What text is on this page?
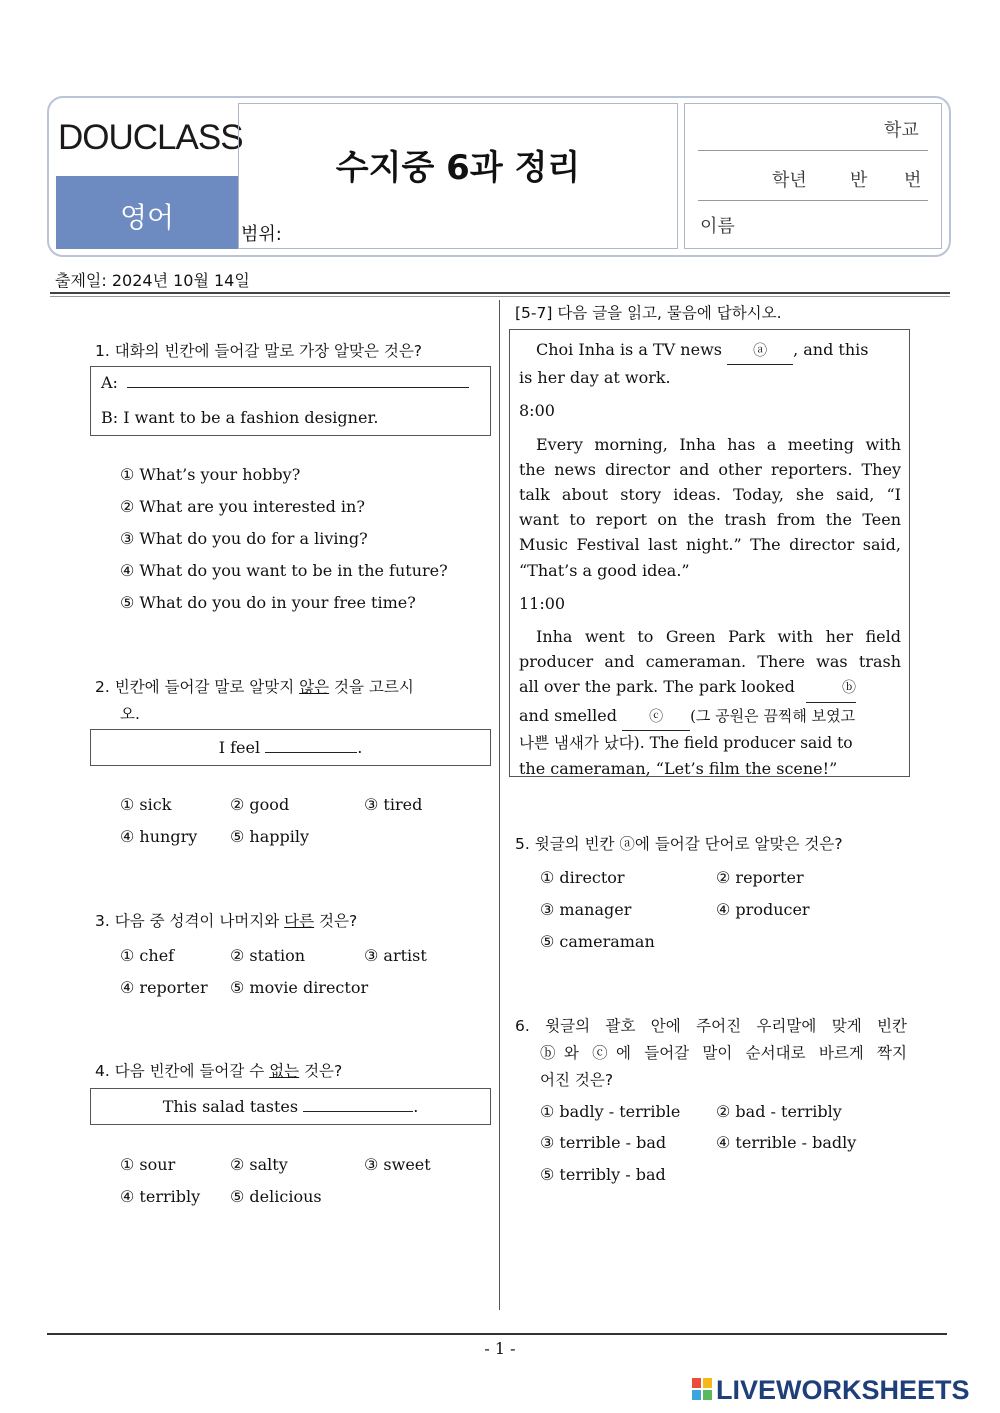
DOUCLASS
영어
수지중 6과 정리
범위:
학교
학년 반 번
이름
출제일: 2024년 10월 14일
1. 대화의 빈칸에 들어갈 말로 가장 알맞은 것은?
A:
B: I want to be a fashion designer.
① What’s your hobby?
② What are you interested in?
③ What do you do for a living?
④ What do you want to be in the future?
⑤ What do you do in your free time?
2. 빈칸에 들어갈 말로 알맞지 않은 것을 고르시
오.
I feel	.
① sick	② good	③ tired
④ hungry ⑤ happily
3. 다음 중 성격이 나머지와 다른 것은?
① chef	② station	③ artist
④ reporter ⑤ movie director
4. 다음 빈칸에 들어갈 수 없는 것은?
This salad tastes	.
① sour	② salty	③ sweet
④ terribly ⑤ delicious
[5-7] 다음 글을 읽고, 물음에 답하시오.
Choi Inha is a TV news ⓐ , and this
is her day at work.
8:00
Every morning, Inha has a meeting with
the news director and other reporters. They
talk about story ideas. Today, she said, “I
want to report on the trash from the Teen
Music Festival last night.” The director said,
“That’s a good idea.”
11:00
Inha went to Green Park with her field
producer and cameraman. There was trash
all over the park. The park looked	ⓑ
and smelled ⓒ (그 공원은 끔찍해 보였고
나쁜 냄새가 났다). The field producer said to
the cameraman, “Let’s film the scene!”
5. 윗글의 빈칸 ⓐ에 들어갈 단어로 알맞은 것은?
① director	② reporter
③ manager	④ producer
⑤ cameraman
6. 윗글의 괄호 안에 주어진 우리말에 맞게 빈칸
ⓑ와 ⓒ에 들어갈 말이 순서대로 바르게 짝지
어진 것은?
① badly - terrible ② bad - terribly
③ terrible - bad	④ terrible - badly
⑤ terribly - bad
- 1 -
LIVEWORKSHEETS
